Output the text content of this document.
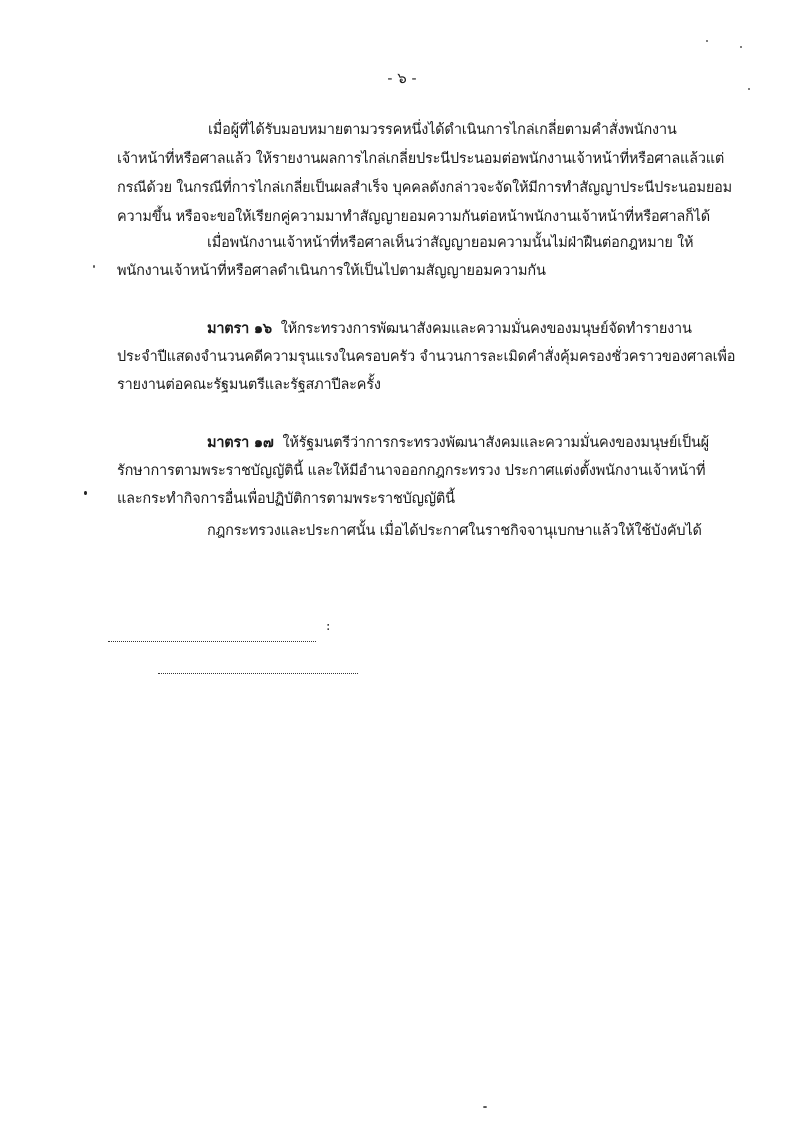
- ๖ -
เมื่อผู้ที่ได้รับมอบหมายตามวรรคหนึ่งได้ดำเนินการไกล่เกลี่ยตามคำสั่งพนักงาน
เจ้าหน้าที่หรือศาลแล้ว ให้รายงานผลการไกล่เกลี่ยประนีประนอมต่อพนักงานเจ้าหน้าที่หรือศาลแล้วแต่
กรณีด้วย ในกรณีที่การไกล่เกลี่ยเป็นผลสำเร็จ บุคคลดังกล่าวจะจัดให้มีการทำสัญญาประนีประนอมยอม
ความขึ้น หรือจะขอให้เรียกคู่ความมาทำสัญญายอมความกันต่อหน้าพนักงานเจ้าหน้าที่หรือศาลก็ได้
เมื่อพนักงานเจ้าหน้าที่หรือศาลเห็นว่าสัญญายอมความนั้นไม่ฝ่าฝืนต่อกฎหมาย ให้
พนักงานเจ้าหน้าที่หรือศาลดำเนินการให้เป็นไปตามสัญญายอมความกัน
มาตรา ๑๖ ให้กระทรวงการพัฒนาสังคมและความมั่นคงของมนุษย์จัดทำรายงาน
ประจำปีแสดงจำนวนคดีความรุนแรงในครอบครัว จำนวนการละเมิดคำสั่งคุ้มครองชั่วคราวของศาลเพื่อ
รายงานต่อคณะรัฐมนตรีและรัฐสภาปีละครั้ง
มาตรา ๑๗ ให้รัฐมนตรีว่าการกระทรวงพัฒนาสังคมและความมั่นคงของมนุษย์เป็นผู้
รักษาการตามพระราชบัญญัตินี้ และให้มีอำนาจออกกฎกระทรวง ประกาศแต่งตั้งพนักงานเจ้าหน้าที่
และกระทำกิจการอื่นเพื่อปฏิบัติการตามพระราชบัญญัตินี้
กฎกระทรวงและประกาศนั้น เมื่อได้ประกาศในราชกิจจานุเบกษาแล้วให้ใช้บังคับได้
:
